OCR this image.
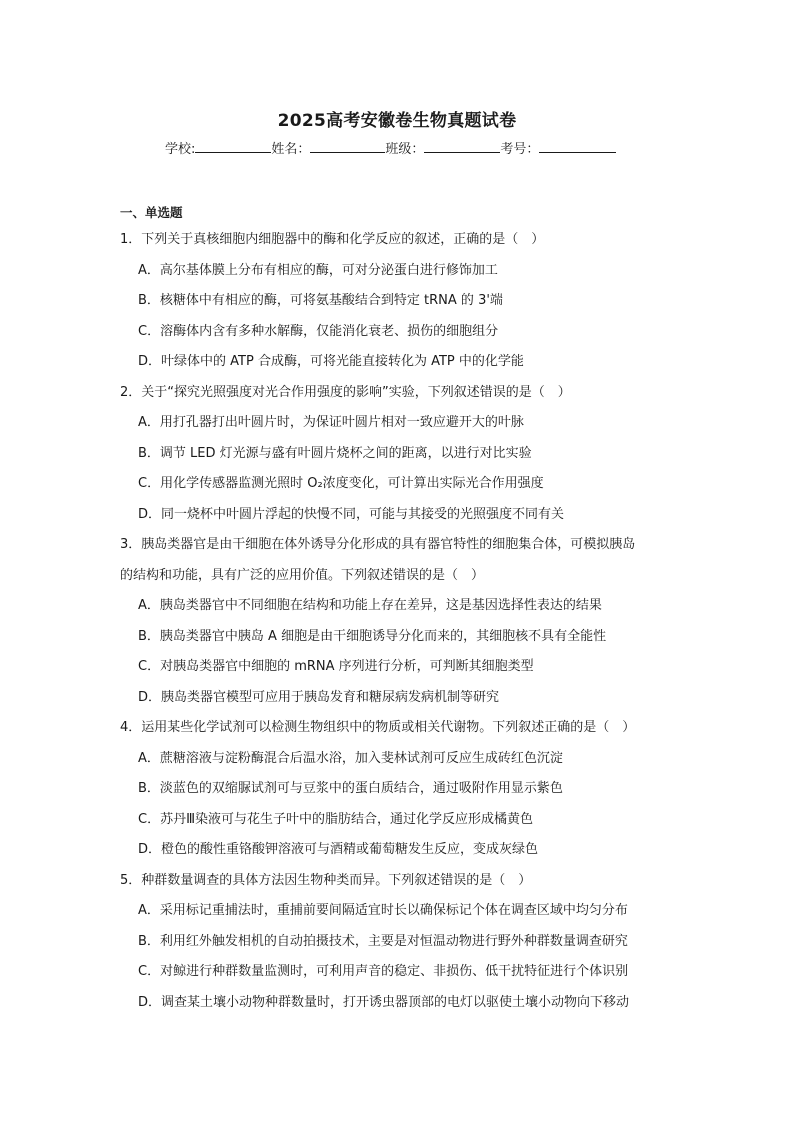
2025高考安徽卷生物真题试卷
学校:	姓名：	班级：	考号：
一、单选题

1．下列关于真核细胞内细胞器中的酶和化学反应的叙述，正确的是（　）

A．高尔基体膜上分布有相应的酶，可对分泌蛋白进行修饰加工

B．核糖体中有相应的酶，可将氨基酸结合到特定 tRNA 的 3'端

C．溶酶体内含有多种水解酶，仅能消化衰老、损伤的细胞组分

D．叶绿体中的 ATP 合成酶，可将光能直接转化为 ATP 中的化学能

2．关于“探究光照强度对光合作用强度的影响”实验，下列叙述错误的是（　）

A．用打孔器打出叶圆片时，为保证叶圆片相对一致应避开大的叶脉

B．调节 LED 灯光源与盛有叶圆片烧杯之间的距离，以进行对比实验

C．用化学传感器监测光照时 O₂浓度变化，可计算出实际光合作用强度

D．同一烧杯中叶圆片浮起的快慢不同，可能与其接受的光照强度不同有关

3．胰岛类器官是由干细胞在体外诱导分化形成的具有器官特性的细胞集合体，可模拟胰岛

的结构和功能，具有广泛的应用价值。下列叙述错误的是（　）

A．胰岛类器官中不同细胞在结构和功能上存在差异，这是基因选择性表达的结果

B．胰岛类器官中胰岛 A 细胞是由干细胞诱导分化而来的，其细胞核不具有全能性

C．对胰岛类器官中细胞的 mRNA 序列进行分析，可判断其细胞类型

D．胰岛类器官模型可应用于胰岛发育和糖尿病发病机制等研究

4．运用某些化学试剂可以检测生物组织中的物质或相关代谢物。下列叙述正确的是（　）

A．蔗糖溶液与淀粉酶混合后温水浴，加入斐林试剂可反应生成砖红色沉淀

B．淡蓝色的双缩脲试剂可与豆浆中的蛋白质结合，通过吸附作用显示紫色

C．苏丹Ⅲ染液可与花生子叶中的脂肪结合，通过化学反应形成橘黄色

D．橙色的酸性重铬酸钾溶液可与酒精或葡萄糖发生反应，变成灰绿色

5．种群数量调查的具体方法因生物种类而异。下列叙述错误的是（　）

A．采用标记重捕法时，重捕前要间隔适宜时长以确保标记个体在调查区域中均匀分布

B．利用红外触发相机的自动拍摄技术，主要是对恒温动物进行野外种群数量调查研究

C．对鲸进行种群数量监测时，可利用声音的稳定、非损伤、低干扰特征进行个体识别

D．调查某土壤小动物种群数量时，打开诱虫器顶部的电灯以驱使土壤小动物向下移动
